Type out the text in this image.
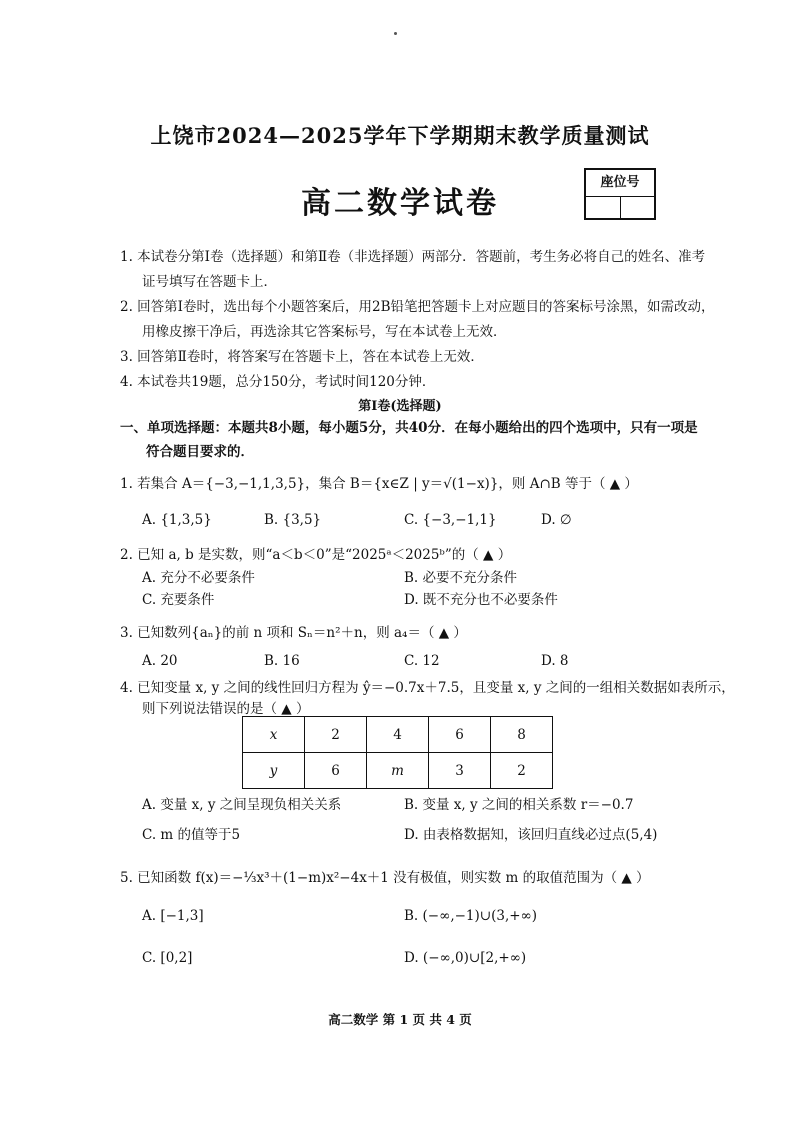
上饶市2024—2025学年下学期期末教学质量测试
高二数学试卷
座位号
1. 本试卷分第Ⅰ卷（选择题）和第Ⅱ卷（非选择题）两部分．答题前，考生务必将自己的姓名、准考
证号填写在答题卡上．
2. 回答第Ⅰ卷时，选出每个小题答案后，用2B铅笔把答题卡上对应题目的答案标号涂黑，如需改动，
用橡皮擦干净后，再选涂其它答案标号，写在本试卷上无效．
3. 回答第Ⅱ卷时，将答案写在答题卡上，答在本试卷上无效．
4. 本试卷共19题，总分150分，考试时间120分钟．
第Ⅰ卷(选择题)
一、单项选择题：本题共8小题，每小题5分，共40分．在每小题给出的四个选项中，只有一项是
符合题目要求的．
1. 若集合 A＝{−3,−1,1,3,5}，集合 B＝{x∈Z | y＝√(1−x)}，则 A∩B 等于（ ▲ ）
A. {1,3,5}	B. {3,5}	C. {−3,−1,1}	D. ∅
2. 已知 a, b 是实数，则“a＜b＜0”是“2025ᵃ＜2025ᵇ”的（ ▲ ）
A. 充分不必要条件	B. 必要不充分条件
C. 充要条件	D. 既不充分也不必要条件
3. 已知数列{aₙ}的前 n 项和 Sₙ＝n²＋n，则 a₄＝（ ▲ ）
A. 20	B. 16	C. 12	D. 8
4. 已知变量 x, y 之间的线性回归方程为 ŷ＝−0.7x＋7.5，且变量 x, y 之间的一组相关数据如表所示，
则下列说法错误的是（ ▲ ）
x	2	4	6	8
y	6	m	3	2
A. 变量 x, y 之间呈现负相关关系	B. 变量 x, y 之间的相关系数 r＝−0.7
C. m 的值等于5	D. 由表格数据知，该回归直线必过点(5,4)
5. 已知函数 f(x)＝−⅓x³＋(1−m)x²−4x＋1 没有极值，则实数 m 的取值范围为（ ▲ ）
A. [−1,3]	B. (−∞,−1)∪(3,+∞)
C. [0,2]	D. (−∞,0)∪[2,+∞)
高二数学 第 1 页 共 4 页
